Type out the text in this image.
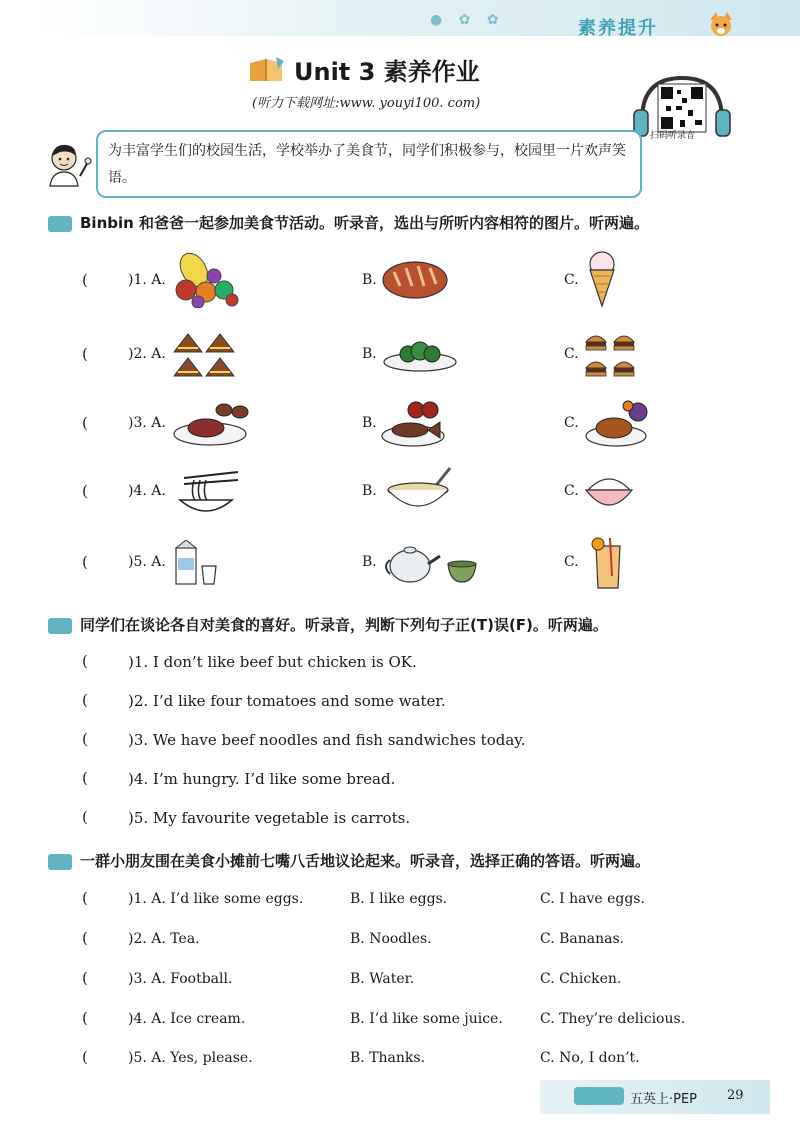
● ✿ ✿	素养提升
Unit 3 素养作业
(听力下载网址:www. youyi100. com)
扫码听录音
为丰富学生们的校园生活，学校举办了美食节，同学们积极参与，校园里一片欢声笑语。
Binbin 和爸爸一起参加美食节活动。听录音，选出与所听内容相符的图片。听两遍。
(	)1. A.	B.	C.
(	)2. A.	B.	C.
(	)3. A.	B.	C.
(	)4. A.	B.	C.
(	)5. A.	B.	C.
同学们在谈论各自对美食的喜好。听录音，判断下列句子正(T)误(F)。听两遍。
(	)1. I don’t like beef but chicken is OK.
(	)2. I’d like four tomatoes and some water.
(	)3. We have beef noodles and fish sandwiches today.
(	)4. I’m hungry. I’d like some bread.
(	)5. My favourite vegetable is carrots.
一群小朋友围在美食小摊前七嘴八舌地议论起来。听录音，选择正确的答语。听两遍。
(	)1. A. I’d like some eggs.	B. I like eggs.	C. I have eggs.
(	)2. A. Tea.	B. Noodles.	C. Bananas.
(	)3. A. Football.	B. Water.	C. Chicken.
(	)4. A. Ice cream.	B. I’d like some juice.	C. They’re delicious.
(	)5. A. Yes, please.	B. Thanks.	C. No, I don’t.
五英上·PEP 29
